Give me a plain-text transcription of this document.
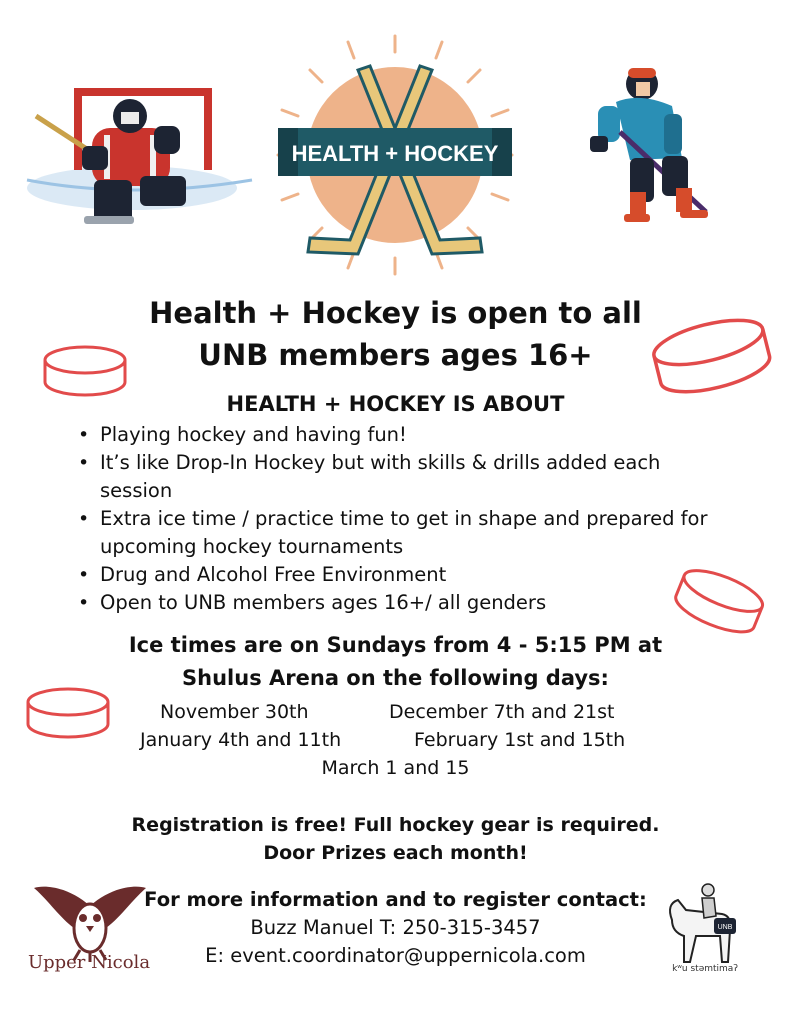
HEALTH + HOCKEY
Health + Hockey is open to all
UNB members ages 16+
HEALTH + HOCKEY IS ABOUT
• Playing hockey and having fun!
• It’s like Drop-In Hockey but with skills & drills added each session
• Extra ice time / practice time to get in shape and prepared for upcoming hockey tournaments
• Drug and Alcohol Free Environment
• Open to UNB members ages 16+/ all genders
Ice times are on Sundays from 4 - 5:15 PM at
Shulus Arena on the following days:
November 30th	December 7th and 21st
January 4th and 11th	February 1st and 15th
March 1 and 15
Registration is free! Full hockey gear is required.
Door Prizes each month!
For more information and to register contact:
Buzz Manuel T: 250-315-3457
E: event.coordinator@uppernicola.com
Upper Nicola
UNB
kʷu stəmtimaʔ
